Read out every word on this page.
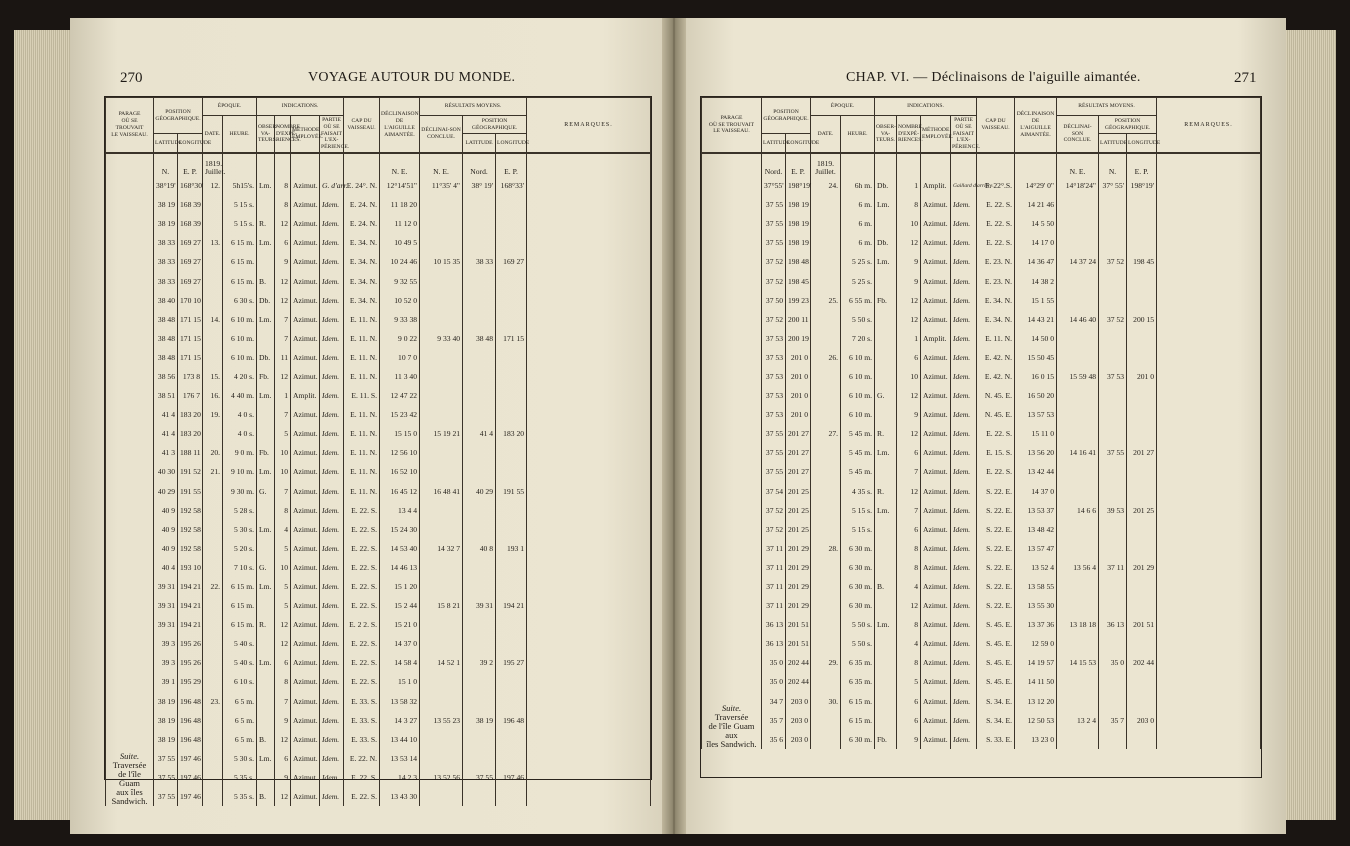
270	VOYAGE AUTOUR DU MONDE.
PARAGE
OÙ SE TROUVAIT
LE VAISSEAU.	POSITION GÉOGRAPHIQUE.		ÉPOQUE.		INDICATIONS.				CAP DU VAISSEAU.	DÉCLINAISON DE L'AIGUILLE AIMANTÉE.	RÉSULTATS MOYENS.			REMARQUES.
			DATE.	HEURE.	OBSER-VA-TEURS.	NOMBRE D'EXPÉ-RIENCES.	MÉTHODE EMPLOYÉE.	PARTIE OÙ SE FAISAIT L'EX-PÉRIENCE.			DÉCLINAI-SON CONCLUE.	POSITION GÉOGRAPHIQUE.		
	LATITUDE	LONGITUDE										LATITUDE	LONGITUDE	

Suite.
Traversée
de l'île Guam
aux îles
Sandwich.	N.	E. P.	1819. Juillet.							N. E.	N. E.	Nord.	E. P.	
	38°19'	168°30'	12.	5h15's.	Lm.	8	Azimut.	G. d'arr.	E. 24°. N.	12°14'51"	11°35' 4"	38° 19'	168°33'	
	38 19	168 39		5 15 s.		8	Azimut.	Idem.	E. 24. N.	11 18 20				
	38 19	168 39		5 15 s.	R.	12	Azimut.	Idem.	E. 24. N.	11 12 0				
	38 33	169 27	13.	6 15 m.	Lm.	6	Azimut.	Idem.	E. 34. N.	10 49 5				
	38 33	169 27		6 15 m.		9	Azimut.	Idem.	E. 34. N.	10 24 46	10 15 35	38 33	169 27	
	38 33	169 27		6 15 m.	B.	12	Azimut.	Idem.	E. 34. N.	9 32 55				
	38 40	170 10		6 30 s.	Db.	12	Azimut.	Idem.	E. 34. N.	10 52 0				
	38 48	171 15	14.	6 10 m.	Lm.	7	Azimut.	Idem.	E. 11. N.	9 33 38				
	38 48	171 15		6 10 m.		7	Azimut.	Idem.	E. 11. N.	9 0 22	9 33 40	38 48	171 15	
	38 48	171 15		6 10 m.	Db.	11	Azimut.	Idem.	E. 11. N.	10 7 0				
	38 56	173 8	15.	4 20 s.	Fb.	12	Azimut.	Idem.	E. 11. N.	11 3 40				
	38 51	176 7	16.	4 40 m.	Lm.	1	Amplit.	Idem.	E. 11. S.	12 47 22				
	41 4	183 20	19.	4 0 s.		7	Azimut.	Idem.	E. 11. N.	15 23 42				
	41 4	183 20		4 0 s.		5	Azimut.	Idem.	E. 11. N.	15 15 0	15 19 21	41 4	183 20	
	41 3	188 11	20.	9 0 m.	Fb.	10	Azimut.	Idem.	E. 11. N.	12 56 10				
	40 30	191 52	21.	9 10 m.	Lm.	10	Azimut.	Idem.	E. 11. N.	16 52 10				
	40 29	191 55		9 30 m.	G.	7	Azimut.	Idem.	E. 11. N.	16 45 12	16 48 41	40 29	191 55	
	40 9	192 58		5 28 s.		8	Azimut.	Idem.	E. 22. S.	13 4 4				
	40 9	192 58		5 30 s.	Lm.	4	Azimut.	Idem.	E. 22. S.	15 24 30				
	40 9	192 58		5 20 s.		5	Azimut.	Idem.	E. 22. S.	14 53 40	14 32 7	40 8	193 1	
	40 4	193 10		7 10 s.	G.	10	Azimut.	Idem.	E. 22. S.	14 46 13				
	39 31	194 21	22.	6 15 m.	Lm.	5	Azimut.	Idem.	E. 22. S.	15 1 20				
	39 31	194 21		6 15 m.		5	Azimut.	Idem.	E. 22. S.	15 2 44	15 8 21	39 31	194 21	
	39 31	194 21		6 15 m.	R.	12	Azimut.	Idem.	E. 2 2. S.	15 21 0				
	39 3	195 26		5 40 s.		12	Azimut.	Idem.	E. 22. S.	14 37 0				
	39 3	195 26		5 40 s.	Lm.	6	Azimut.	Idem.	E. 22. S.	14 58 4	14 52 1	39 2	195 27	
	39 1	195 29		6 10 s.		8	Azimut.	Idem.	E. 22. S.	15 1 0				
	38 19	196 48	23.	6 5 m.		7	Azimut.	Idem.	E. 33. S.	13 58 32				
	38 19	196 48		6 5 m.		9	Azimut.	Idem.	E. 33. S.	14 3 27	13 55 23	38 19	196 48	
	38 19	196 48		6 5 m.	B.	12	Azimut.	Idem.	E. 33. S.	13 44 10				
	37 55	197 46		5 30 s.	Lm.	6	Azimut.	Idem.	E. 22. N.	13 53 14				
	37 55	197 46		5 35 s.		9	Azimut.	Idem.	E. 22. S.	14 2 3	13 52 56	37 55	197 46	
	37 55	197 46		5 35 s.	B.	12	Azimut.	Idem.	E. 22. S.	13 43 30				
CHAP. VI. — Déclinaisons de l'aiguille aimantée.	271
PARAGE
OÙ SE TROUVAIT
LE VAISSEAU.	POSITION GÉOGRAPHIQUE.		ÉPOQUE.		INDICATIONS.				CAP DU VAISSEAU.	DÉCLINAISON DE L'AIGUILLE AIMANTÉE.	RÉSULTATS MOYENS.			REMARQUES.
			DATE.	HEURE.	OBSER-VA-TEURS.	NOMBRE D'EXPÉ-RIENCES.	MÉTHODE EMPLOYÉE.	PARTIE OÙ SE FAISAIT L'EX-PÉRIENCE.			DÉCLINAI-SON CONCLUE.	POSITION GÉOGRAPHIQUE.		
	LATITUDE	LONGITUDE										LATITUDE	LONGITUDE	

Suite.
Traversée
de l'île Guam
aux
îles Sandwich.	Nord.	E. P.	1819. Juillet.								N. E.	N.	E. P.	
	37°55'	198°19'	24.	6h m.	Db.	1	Amplit.	Gaillard d'arrière.	E. 22°.S.	14°29' 0"	14°18'24"	37° 55'	198°19'	
	37 55	198 19		6 m.	Lm.	8	Azimut.	Idem.	E. 22. S.	14 21 46				
	37 55	198 19		6 m.		10	Azimut.	Idem.	E. 22. S.	14 5 50				
	37 55	198 19		6 m.	Db.	12	Azimut.	Idem.	E. 22. S.	14 17 0				
	37 52	198 48		5 25 s.	Lm.	9	Azimut.	Idem.	E. 23. N.	14 36 47	14 37 24	37 52	198 45	
	37 52	198 45		5 25 s.		9	Azimut.	Idem.	E. 23. N.	14 38 2				
	37 50	199 23	25.	6 55 m.	Fb.	12	Azimut.	Idem.	E. 34. N.	15 1 55				
	37 52	200 11		5 50 s.		12	Azimut.	Idem.	E. 34. N.	14 43 21	14 46 40	37 52	200 15	
	37 53	200 19		7 20 s.		1	Amplit.	Idem.	E. 11. N.	14 50 0				
	37 53	201 0	26.	6 10 m.		6	Azimut.	Idem.	E. 42. N.	15 50 45				
	37 53	201 0		6 10 m.		10	Azimut.	Idem.	E. 42. N.	16 0 15	15 59 48	37 53	201 0	
	37 53	201 0		6 10 m.	G.	12	Azimut.	Idem.	N. 45. E.	16 50 20				
	37 53	201 0		6 10 m.		9	Azimut.	Idem.	N. 45. E.	13 57 53				
	37 55	201 27	27.	5 45 m.	R.	12	Azimut.	Idem.	E. 22. S.	15 11 0				
	37 55	201 27		5 45 m.	Lm.	6	Azimut.	Idem.	E. 15. S.	13 56 20	14 16 41	37 55	201 27	
	37 55	201 27		5 45 m.		7	Azimut.	Idem.	E. 22. S.	13 42 44				
	37 54	201 25		4 35 s.	R.	12	Azimut.	Idem.	S. 22. E.	14 37 0				
	37 52	201 25		5 15 s.	Lm.	7	Azimut.	Idem.	S. 22. E.	13 53 37	14 6 6	39 53	201 25	
	37 52	201 25		5 15 s.		6	Azimut.	Idem.	S. 22. E.	13 48 42				
	37 11	201 29	28.	6 30 m.		8	Azimut.	Idem.	S. 22. E.	13 57 47				
	37 11	201 29		6 30 m.		8	Azimut.	Idem.	S. 22. E.	13 52 4	13 56 4	37 11	201 29	
	37 11	201 29		6 30 m.	B.	4	Azimut.	Idem.	S. 22. E.	13 58 55				
	37 11	201 29		6 30 m.		12	Azimut.	Idem.	S. 22. E.	13 55 30				
	36 13	201 51		5 50 s.	Lm.	8	Azimut.	Idem.	S. 45. E.	13 37 36	13 18 18	36 13	201 51	
	36 13	201 51		5 50 s.		4	Azimut.	Idem.	S. 45. E.	12 59 0				
	35 0	202 44	29.	6 35 m.		8	Azimut.	Idem.	S. 45. E.	14 19 57	14 15 53	35 0	202 44	
	35 0	202 44		6 35 m.		5	Azimut.	Idem.	S. 45. E.	14 11 50				
	34 7	203 0	30.	6 15 m.		6	Azimut.	Idem.	S. 34. E.	13 12 20				
	35 7	203 0		6 15 m.		6	Azimut.	Idem.	S. 34. E.	12 50 53	13 2 4	35 7	203 0	
	35 6	203 0		6 30 m.	Fb.	9	Azimut.	Idem.	S. 33. E.	13 23 0				
